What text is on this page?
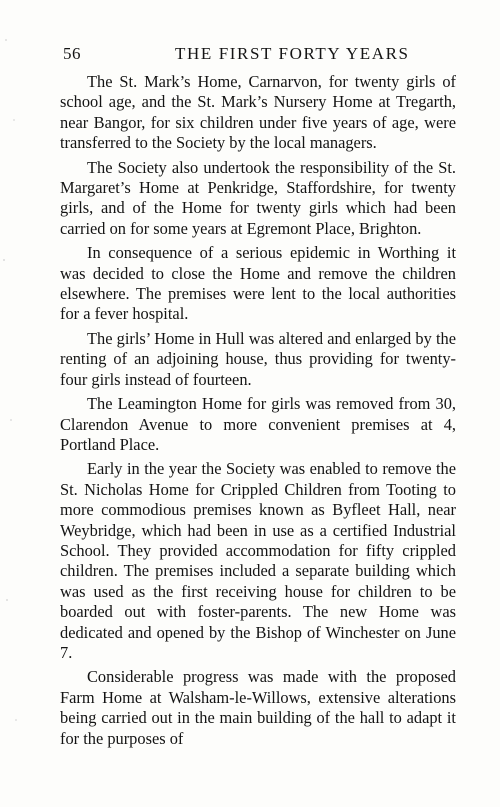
56	THE FIRST FORTY YEARS

The St. Mark’s Home, Carnarvon, for twenty girls of school age, and the St. Mark’s Nursery Home at Tregarth, near Bangor, for six children under five years of age, were transferred to the Society by the local managers.

The Society also undertook the responsibility of the St. Margaret’s Home at Penkridge, Staffordshire, for twenty girls, and of the Home for twenty girls which had been carried on for some years at Egremont Place, Brighton.

In consequence of a serious epidemic in Worthing it was decided to close the Home and remove the children elsewhere. The premises were lent to the local authorities for a fever hospital.

The girls’ Home in Hull was altered and enlarged by the renting of an adjoining house, thus providing for twenty-four girls instead of fourteen.

The Leamington Home for girls was removed from 30, Clarendon Avenue to more convenient premises at 4, Portland Place.

Early in the year the Society was enabled to remove the St. Nicholas Home for Crippled Children from Tooting to more commodious premises known as Byfleet Hall, near Weybridge, which had been in use as a certified Industrial School. They provided accommodation for fifty crippled children. The premises included a separate building which was used as the first receiving house for children to be boarded out with foster-parents. The new Home was dedicated and opened by the Bishop of Winchester on June 7.

Considerable progress was made with the proposed Farm Home at Walsham-le-Willows, extensive alterations being carried out in the main building of the hall to adapt it for the purposes of
